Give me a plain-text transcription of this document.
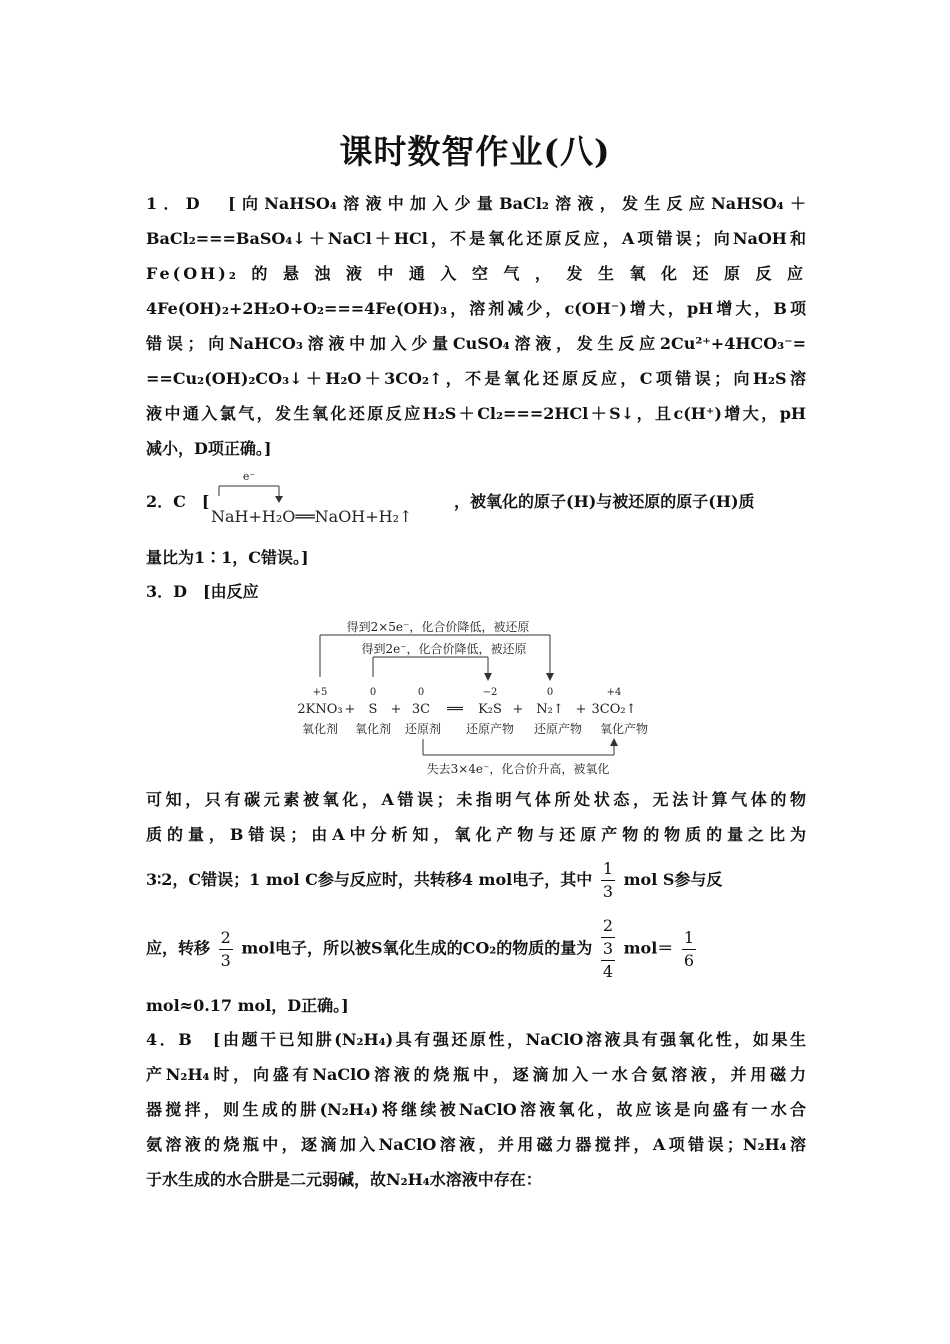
课时数智作业(八)
1．D　[向NaHSO₄溶液中加入少量BaCl₂溶液，发生反应NaHSO₄＋
BaCl₂===BaSO₄↓＋NaCl＋HCl，不是氧化还原反应，A项错误；向NaOH和
Fe(OH)₂的悬浊液中通入空气，发生氧化还原反应
4Fe(OH)₂+2H₂O+O₂===4Fe(OH)₃，溶剂减少，c(OH⁻)增大，pH增大，B项
错误；向NaHCO₃溶液中加入少量CuSO₄溶液，发生反应2Cu²⁺+4HCO₃⁻=
==Cu₂(OH)₂CO₃↓＋H₂O＋3CO₂↑，不是氧化还原反应，C项错误；向H₂S溶
液中通入氯气，发生氧化还原反应H₂S＋Cl₂===2HCl＋S↓，且c(H⁺)增大，pH
减小，D项正确。]
2．C　[
e⁻
NaH+H₂O══NaOH+H₂↑
，被氧化的原子(H)与被还原的原子(H)质
量比为1∶1，C错误。]
3．D　[由反应
得到2×5e⁻，化合价降低，被还原
得到2e⁻，化合价降低，被还原
+5	0	0	−2	0	+4
2KNO₃ + S + 3C ══ K₂S + N₂↑ + 3CO₂↑
氧化剂 氧化剂 还原剂 还原产物 还原产物 氧化产物
失去3×4e⁻，化合价升高，被氧化
可知，只有碳元素被氧化，A错误；未指明气体所处状态，无法计算气体的物
质的量，B错误；由A中分析知，氧化产物与还原产物的物质的量之比为
3∶2，C错误；1 mol C参与反应时，共转移4 mol电子，其中 $\frac{1}{3}$ mol S参与反
应，转移 $\frac{2}{3}$ mol电子，所以被S氧化生成的CO₂的物质的量为
2
3
4
$mol= \frac{1}{6}$
mol≈0.17 mol，D正确。]
4．B　[由题干已知肼(N₂H₄)具有强还原性，NaClO溶液具有强氧化性，如果生
产N₂H₄时，向盛有NaClO溶液的烧瓶中，逐滴加入一水合氨溶液，并用磁力
器搅拌，则生成的肼(N₂H₄)将继续被NaClO溶液氧化，故应该是向盛有一水合
氨溶液的烧瓶中，逐滴加入NaClO溶液，并用磁力器搅拌，A项错误；N₂H₄溶
于水生成的水合肼是二元弱碱，故N₂H₄水溶液中存在：
